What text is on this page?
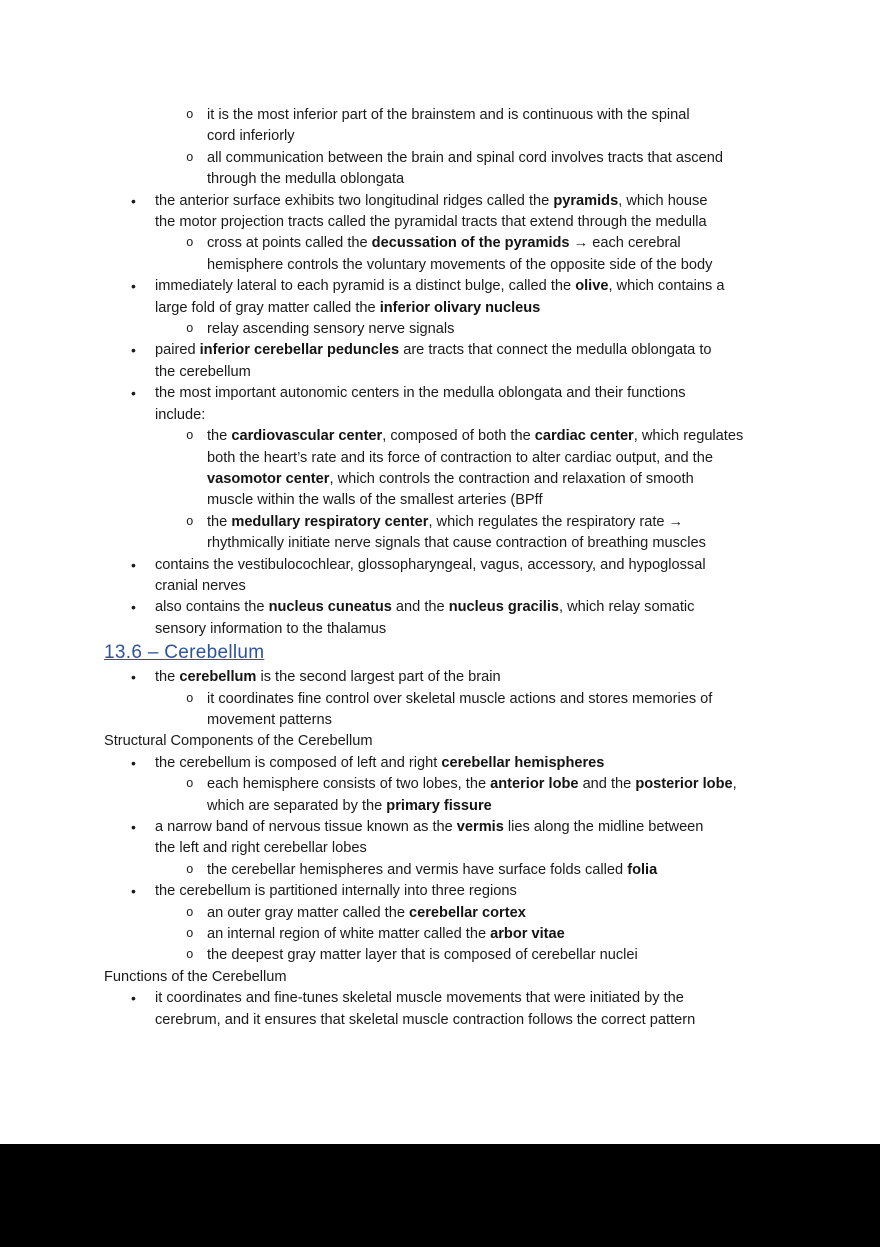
o it is the most inferior part of the brainstem and is continuous with the spinal
cord inferiorly
o all communication between the brain and spinal cord involves tracts that ascend
through the medulla oblongata
• the anterior surface exhibits two longitudinal ridges called the pyramids, which house
the motor projection tracts called the pyramidal tracts that extend through the medulla
o cross at points called the decussation of the pyramids → each cerebral
hemisphere controls the voluntary movements of the opposite side of the body
• immediately lateral to each pyramid is a distinct bulge, called the olive, which contains a
large fold of gray matter called the inferior olivary nucleus
o relay ascending sensory nerve signals
• paired inferior cerebellar peduncles are tracts that connect the medulla oblongata to
the cerebellum
• the most important autonomic centers in the medulla oblongata and their functions
include:
o the cardiovascular center, composed of both the cardiac center, which regulates
both the heart’s rate and its force of contraction to alter cardiac output, and the
vasomotor center, which controls the contraction and relaxation of smooth
muscle within the walls of the smallest arteries (BPff
o the medullary respiratory center, which regulates the respiratory rate →
rhythmically initiate nerve signals that cause contraction of breathing muscles
• contains the vestibulocochlear, glossopharyngeal, vagus, accessory, and hypoglossal
cranial nerves
• also contains the nucleus cuneatus and the nucleus gracilis, which relay somatic
sensory information to the thalamus
13.6 – Cerebellum
• the cerebellum is the second largest part of the brain
o it coordinates fine control over skeletal muscle actions and stores memories of
movement patterns
Structural Components of the Cerebellum
• the cerebellum is composed of left and right cerebellar hemispheres
o each hemisphere consists of two lobes, the anterior lobe and the posterior lobe,
which are separated by the primary fissure
• a narrow band of nervous tissue known as the vermis lies along the midline between
the left and right cerebellar lobes
o the cerebellar hemispheres and vermis have surface folds called folia
• the cerebellum is partitioned internally into three regions
o an outer gray matter called the cerebellar cortex
o an internal region of white matter called the arbor vitae
o the deepest gray matter layer that is composed of cerebellar nuclei
Functions of the Cerebellum
• it coordinates and fine-tunes skeletal muscle movements that were initiated by the
cerebrum, and it ensures that skeletal muscle contraction follows the correct pattern
